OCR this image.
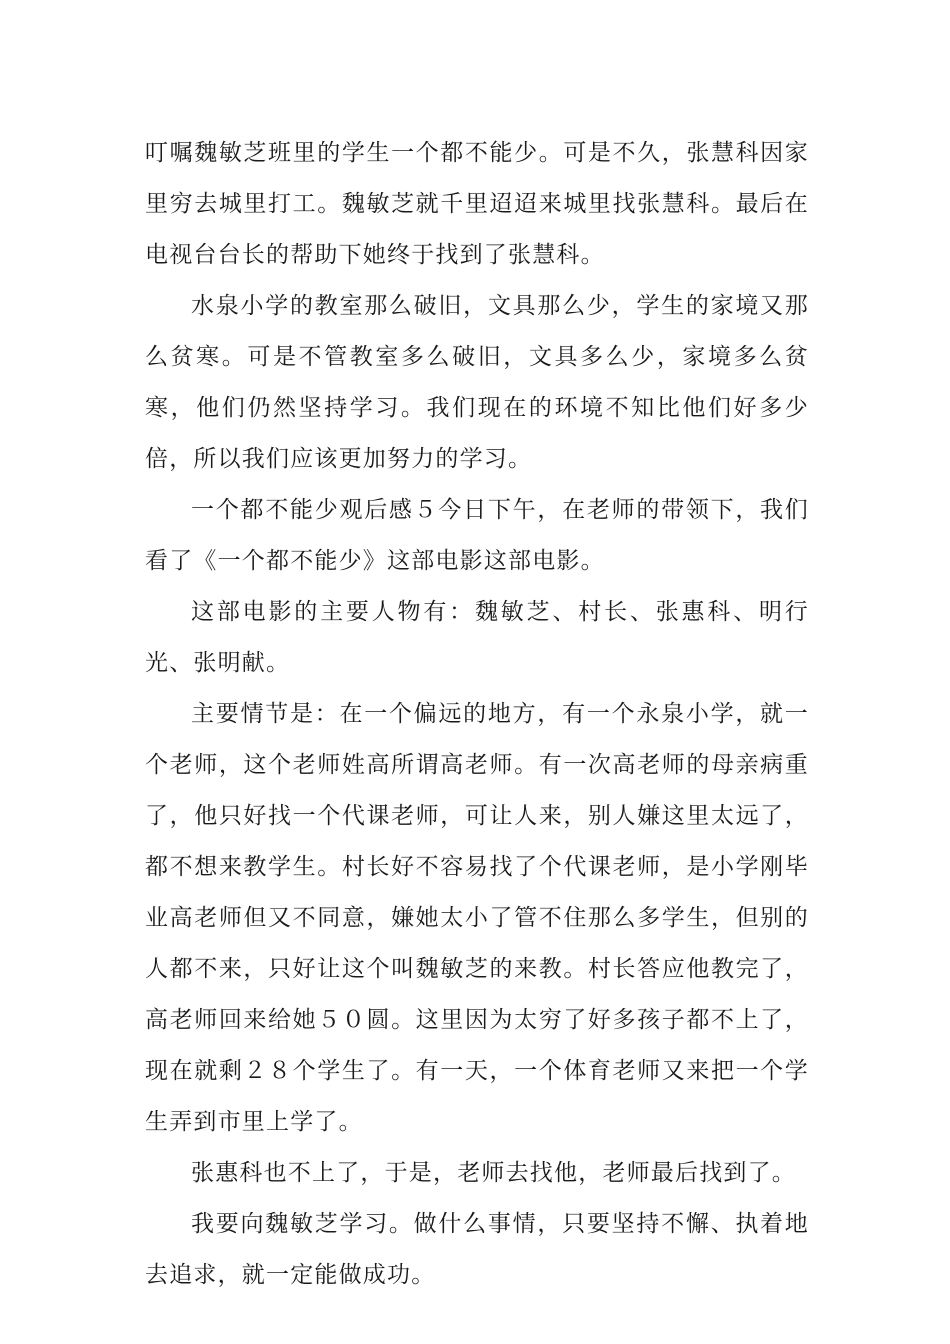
叮嘱魏敏芝班里的学生一个都不能少。可是不久，张慧科因家里穷去城里打工。魏敏芝就千里迢迢来城里找张慧科。最后在电视台台长的帮助下她终于找到了张慧科。

水泉小学的教室那么破旧，文具那么少，学生的家境又那么贫寒。可是不管教室多么破旧，文具多么少，家境多么贫寒，他们仍然坚持学习。我们现在的环境不知比他们好多少倍，所以我们应该更加努力的学习。

一个都不能少观后感５今日下午，在老师的带领下，我们看了《一个都不能少》这部电影这部电影。

这部电影的主要人物有：魏敏芝、村长、张惠科、明行光、张明献。

主要情节是：在一个偏远的地方，有一个永泉小学，就一个老师，这个老师姓高所谓高老师。有一次高老师的母亲病重了，他只好找一个代课老师，可让人来，别人嫌这里太远了，都不想来教学生。村长好不容易找了个代课老师，是小学刚毕业高老师但又不同意，嫌她太小了管不住那么多学生，但别的人都不来，只好让这个叫魏敏芝的来教。村长答应他教完了，高老师回来给她５０圆。这里因为太穷了好多孩子都不上了，现在就剩２８个学生了。有一天，一个体育老师又来把一个学生弄到市里上学了。

张惠科也不上了，于是，老师去找他，老师最后找到了。

我要向魏敏芝学习。做什么事情，只要坚持不懈、执着地去追求，就一定能做成功。
